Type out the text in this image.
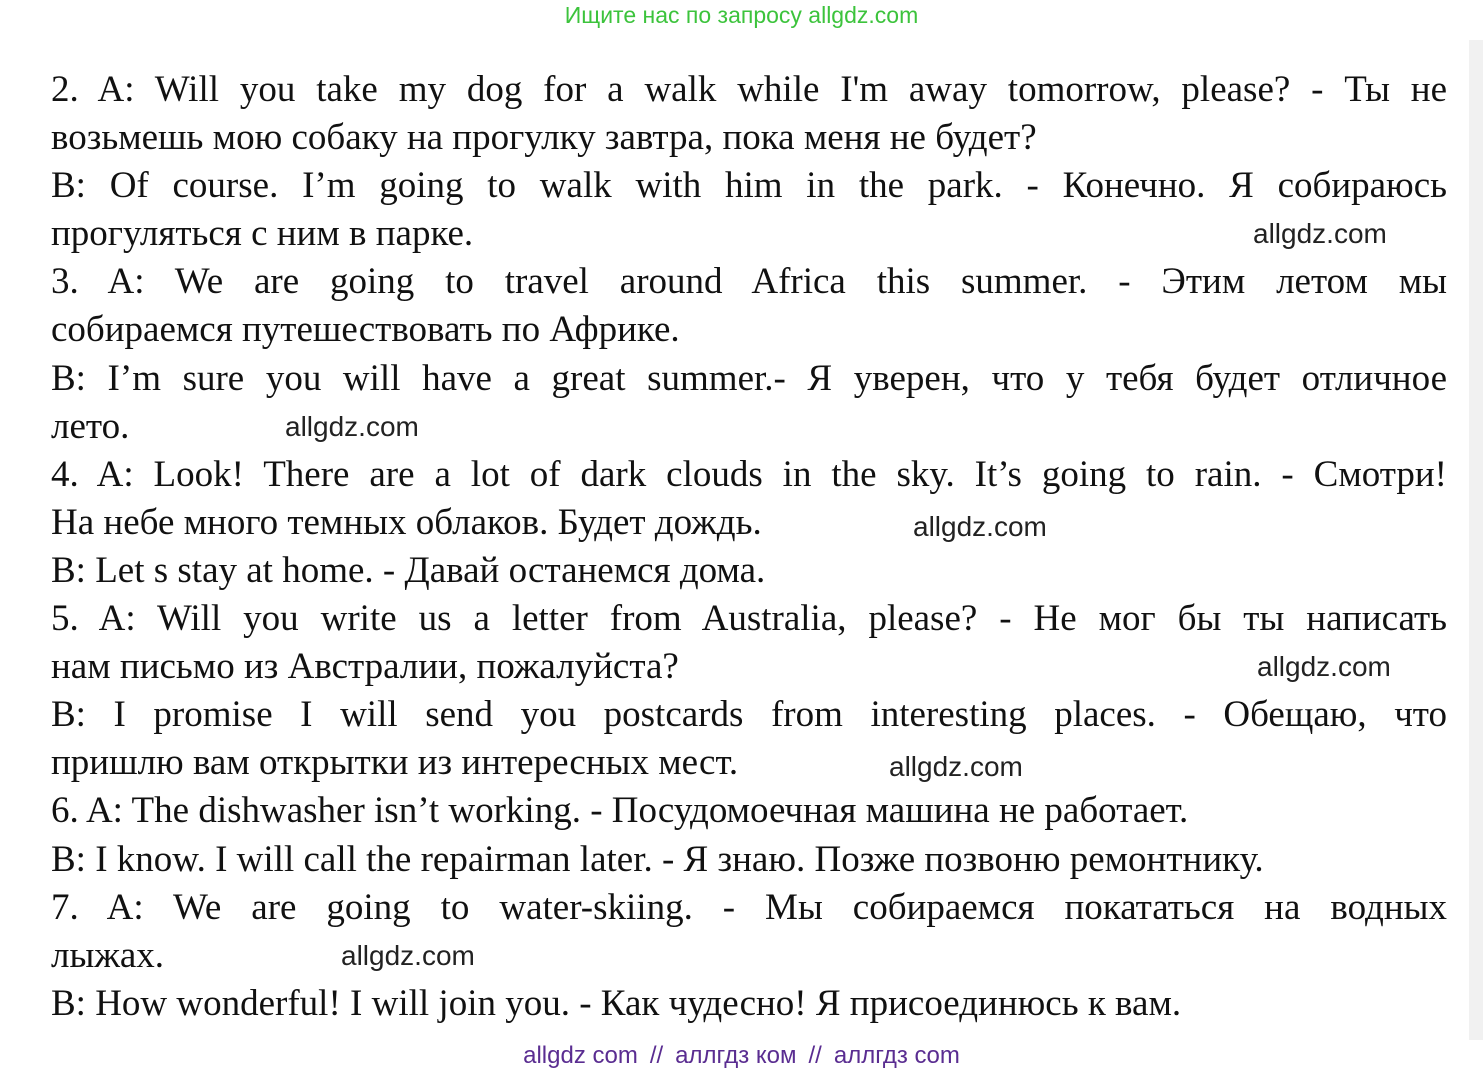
Ищите нас по запросу allgdz.com
2. A: Will you take my dog for a walk while I'm away tomorrow, please? - Ты не
возьмешь мою собаку на прогулку завтра, пока меня не будет?
B: Of course. I’m going to walk with him in the park. - Конечно. Я собираюсь
прогуляться с ним в парке.	allgdz.com
3. A: We are going to travel around Africa this summer. - Этим летом мы
собираемся путешествовать по Африке.
B: I’m sure you will have a great summer.- Я уверен, что у тебя будет отличное
лето.	allgdz.com
4. A: Look! There are a lot of dark clouds in the sky. It’s going to rain. - Смотри!
На небе много темных облаков. Будет дождь.	allgdz.com
B: Let s stay at home. - Давай останемся дома.
5. A: Will you write us a letter from Australia, please? - Не мог бы ты написать
нам письмо из Австралии, пожалуйста?	allgdz.com
B: I promise I will send you postcards from interesting places. - Обещаю, что
пришлю вам открытки из интересных мест.	allgdz.com
6. A: The dishwasher isn’t working. - Посудомоечная машина не работает.
B: I know. I will call the repairman later. - Я знаю. Позже позвоню ремонтнику.
7. A: We are going to water-skiing. - Мы собираемся покататься на водных
лыжах.	allgdz.com
B: How wonderful! I will join you. - Как чудесно! Я присоединюсь к вам.
allgdz com // аллгдз ком // аллгдз com
